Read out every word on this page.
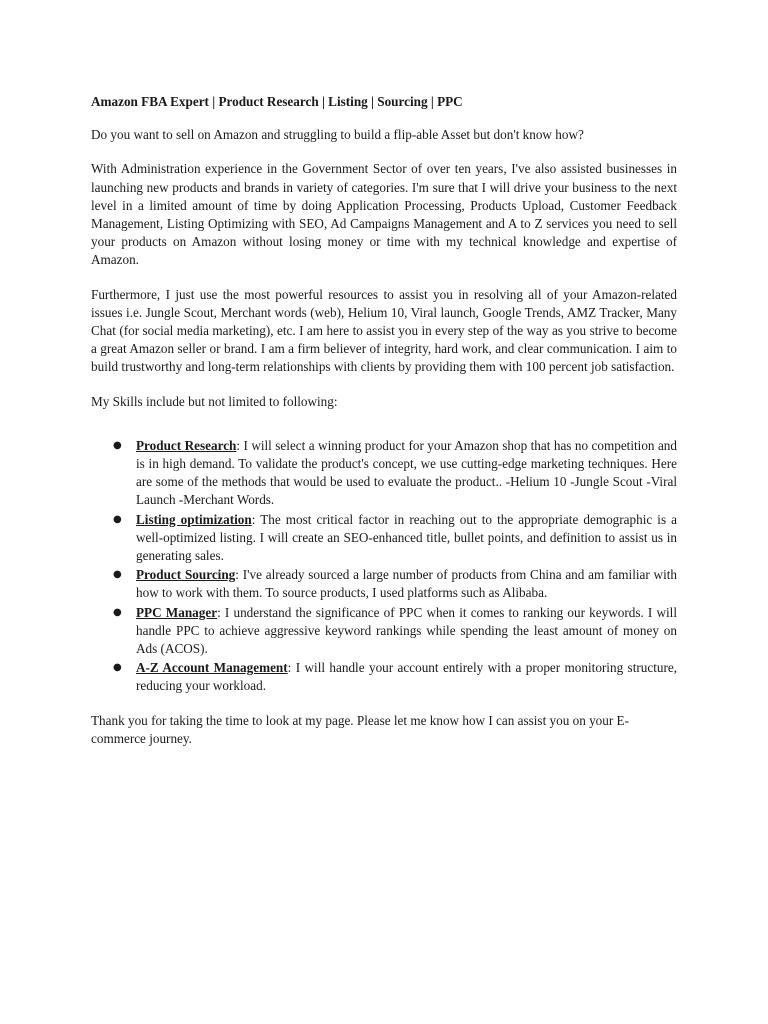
Amazon FBA Expert | Product Research | Listing | Sourcing | PPC

Do you want to sell on Amazon and struggling to build a flip-able Asset but don't know how?

With Administration experience in the Government Sector of over ten years, I've also assisted businesses in launching new products and brands in variety of categories. I'm sure that I will drive your business to the next level in a limited amount of time by doing Application Processing, Products Upload, Customer Feedback Management, Listing Optimizing with SEO, Ad Campaigns Management and A to Z services you need to sell your products on Amazon without losing money or time with my technical knowledge and expertise of Amazon.

Furthermore, I just use the most powerful resources to assist you in resolving all of your Amazon-related issues i.e. Jungle Scout, Merchant words (web), Helium 10, Viral launch, Google Trends, AMZ Tracker, Many Chat (for social media marketing), etc. I am here to assist you in every step of the way as you strive to become a great Amazon seller or brand. I am a firm believer of integrity, hard work, and clear communication. I aim to build trustworthy and long-term relationships with clients by providing them with 100 percent job satisfaction.

My Skills include but not limited to following:

● Product Research: I will select a winning product for your Amazon shop that has no competition and is in high demand. To validate the product's concept, we use cutting-edge marketing techniques. Here are some of the methods that would be used to evaluate the product.. -Helium 10 -Jungle Scout -Viral Launch -Merchant Words.
● Listing optimization: The most critical factor in reaching out to the appropriate demographic is a well-optimized listing. I will create an SEO-enhanced title, bullet points, and definition to assist us in generating sales.
● Product Sourcing: I've already sourced a large number of products from China and am familiar with how to work with them. To source products, I used platforms such as Alibaba.
● PPC Manager: I understand the significance of PPC when it comes to ranking our keywords. I will handle PPC to achieve aggressive keyword rankings while spending the least amount of money on Ads (ACOS).
● A-Z Account Management: I will handle your account entirely with a proper monitoring structure, reducing your workload.

Thank you for taking the time to look at my page. Please let me know how I can assist you on your E-commerce journey.
